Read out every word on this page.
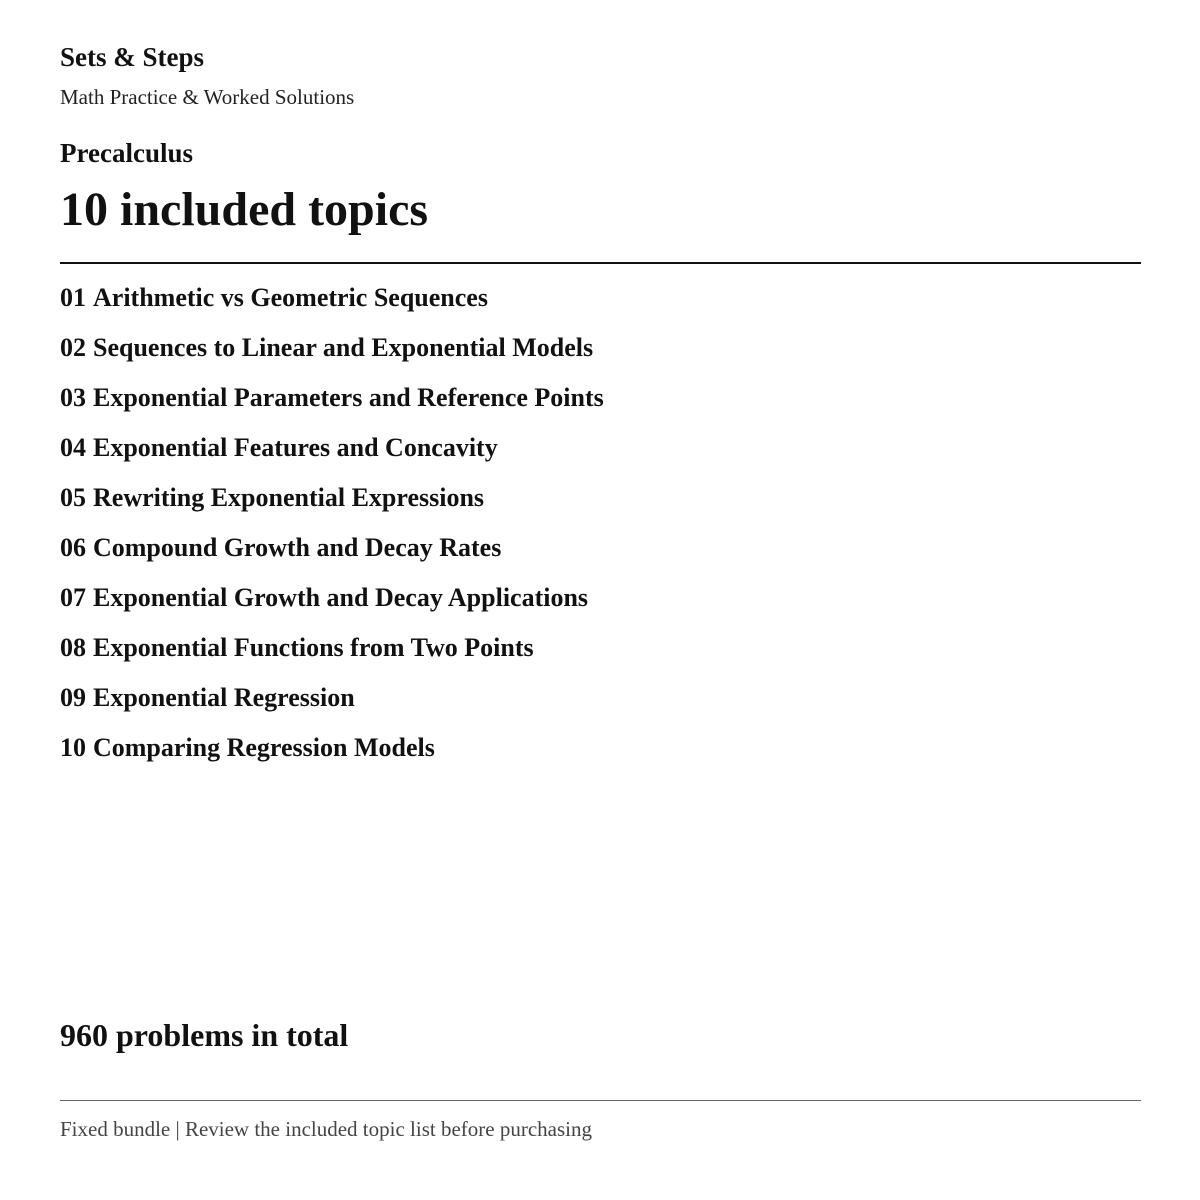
Sets & Steps
Math Practice & Worked Solutions
Precalculus
10 included topics
01 Arithmetic vs Geometric Sequences
02 Sequences to Linear and Exponential Models
03 Exponential Parameters and Reference Points
04 Exponential Features and Concavity
05 Rewriting Exponential Expressions
06 Compound Growth and Decay Rates
07 Exponential Growth and Decay Applications
08 Exponential Functions from Two Points
09 Exponential Regression
10 Comparing Regression Models
960 problems in total
Fixed bundle | Review the included topic list before purchasing
